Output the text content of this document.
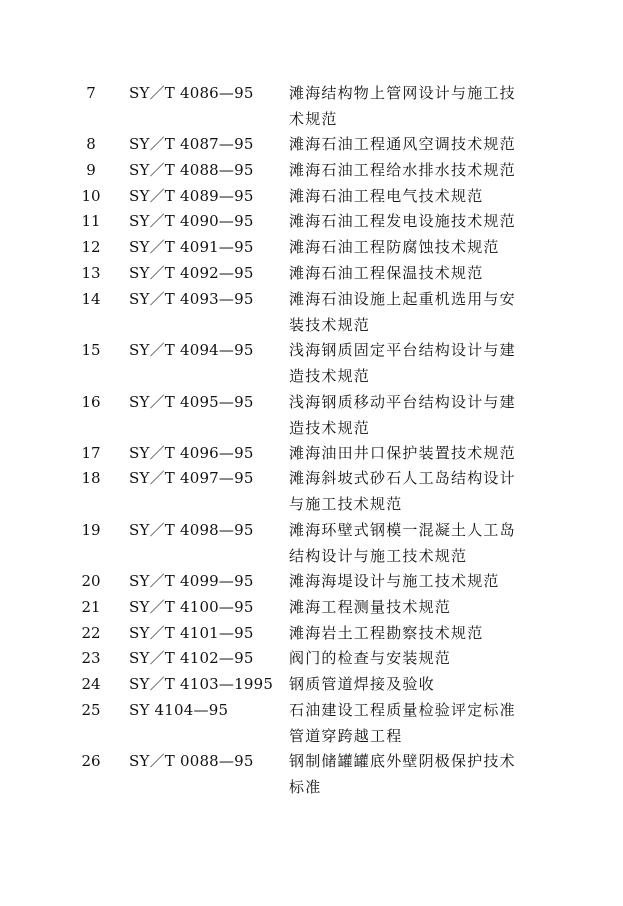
7	SY／T 4086—95 滩海结构物上管网设计与施工技
术规范
8	SY／T 4087—95 滩海石油工程通风空调技术规范
9	SY／T 4088—95 滩海石油工程给水排水技术规范
10	SY／T 4089—95 滩海石油工程电气技术规范
11	SY／T 4090—95 滩海石油工程发电设施技术规范
12	SY／T 4091—95 滩海石油工程防腐蚀技术规范
13	SY／T 4092—95 滩海石油工程保温技术规范
14	SY／T 4093—95 滩海石油设施上起重机选用与安
装技术规范
15	SY／T 4094—95 浅海钢质固定平台结构设计与建
造技术规范
16	SY／T 4095—95 浅海钢质移动平台结构设计与建
造技术规范
17	SY／T 4096—95 滩海油田井口保护装置技术规范
18	SY／T 4097—95 滩海斜坡式砂石人工岛结构设计
与施工技术规范
19	SY／T 4098—95 滩海环壁式钢模一混凝土人工岛
结构设计与施工技术规范
20	SY／T 4099—95 滩海海堤设计与施工技术规范
21	SY／T 4100—95 滩海工程测量技术规范
22	SY／T 4101—95 滩海岩土工程勘察技术规范
23	SY／T 4102—95 阀门的检查与安装规范
24	SY／T 4103—1995 钢质管道焊接及验收
25	SY 4104—95	石油建设工程质量检验评定标准
管道穿跨越工程
26	SY／T 0088—95 钢制储罐罐底外壁阴极保护技术
标准
